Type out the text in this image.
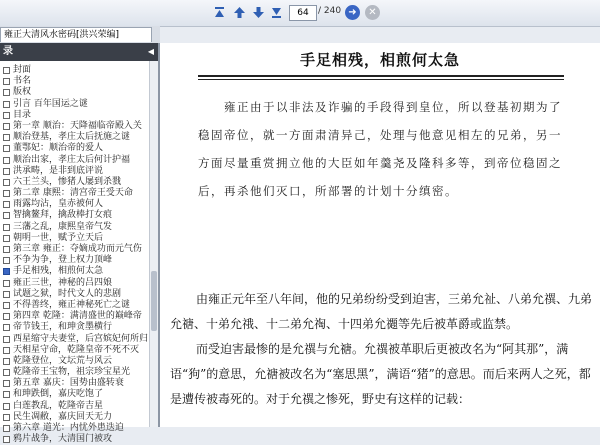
64
/ 240 ➜ ✕
雍正大清风水密码[洪兴荣编]
录	◀
封面
书名
版权
引言 百年国运之谜
目录
第一章 顺治：天降福临帝殿入关
顺治登基，孝庄太后抚施之谜
董鄂妃：顺治帝的爱人
顺治出家，孝庄太后何计护福
洪承畴，是非到底评说
六王兰头，惨猪人屡到杀戮
第二章 康熙：清宫帝王受天命
雨露均沾，皇赤被何人
智擒鳌拜，擒敌棒打女痕
三藩之乱，康熙皇帝气发
朝明一世，赋予立天后
第三章 雍正：夺嫡成功而元气伤
不争为争，登上权力顶峰
手足相残，相煎何太急
雍正三世，神秘的吕四娘
试题之狱，时代文人的悲剧
不得善终，雍正神秘死亡之谜
第四章 乾隆：满清盛世的巅峰帝
帝节钱王，和珅贪墨横行
西星缩守夫妻堂，后宫嫔妃何所归
天相星守命，乾隆皇帝不死不灭
乾隆登位，文坛荒与风云
乾隆帝王宝物，祖宗珍宝星光
第五章 嘉庆：国势由盛转衰
和珅跌倒，嘉庆吃饱了
白莲教乱，乾隆帝吉星
民生凋敝，嘉庆回天无力
第六章 道光：内忧外患迭迫
鸦片战争，大清国门被攻
手足相残，相煎何太急
雍正由于以非法及诈骗的手段得到皇位，所以登基初期为了稳固帝位，就一方面肃清异己，处理与他意见相左的兄弟，另一方面尽量重赏拥立他的大臣如年羹尧及隆科多等，到帝位稳固之后，再杀他们灭口，所部署的计划十分缜密。
由雍正元年至八年间，他的兄弟纷纷受到迫害，三弟允祉、八弟允禩、九弟允禟、十弟允䄉、十二弟允祹、十四弟允禵等先后被革爵或监禁。
而受迫害最惨的是允禩与允禟。允禩被革职后更被改名为“阿其那”，满语“狗”的意思，允禟被改名为“塞思黑”，满语“猪”的意思。而后来两人之死，都是遭传被毒死的。对于允禩之惨死，野史有这样的记载：
